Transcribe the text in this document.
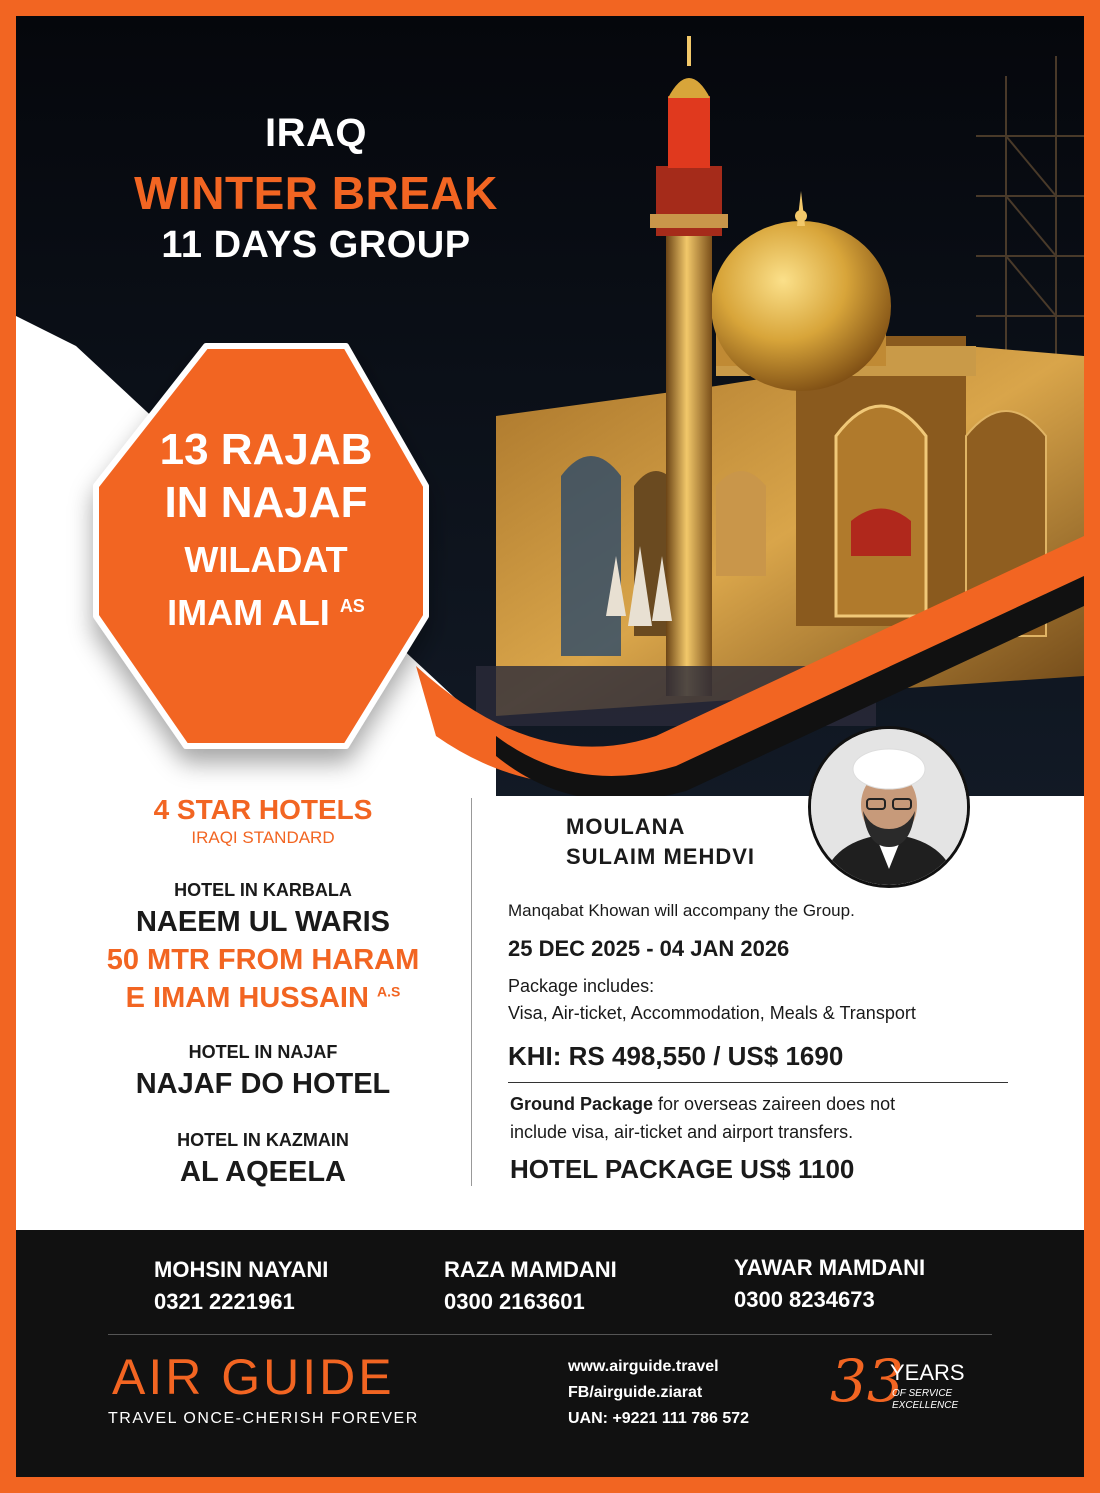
IRAQ
WINTER BREAK
11 DAYS GROUP
13 RAJAB
IN NAJAF
WILADAT
IMAM ALI $^{AS}$
4 STAR HOTELS
IRAQI STANDARD
HOTEL IN KARBALA
NAEEM UL WARIS
50 MTR FROM HARAM
E IMAM HUSSAIN $^{A.S}$
HOTEL IN NAJAF
NAJAF DO HOTEL
HOTEL IN KAZMAIN
AL AQEELA
MOULANA
SULAIM MEHDVI
Manqabat Khowan will accompany the Group.
25 DEC 2025 - 04 JAN 2026
Package includes:
Visa, Air-ticket, Accommodation, Meals & Transport
KHI: RS 498,550 / US$ 1690
Ground Package for overseas zaireen does not
include visa, air-ticket and airport transfers.
HOTEL PACKAGE US$ 1100
MOHSIN NAYANI
0321 2221961
RAZA MAMDANI
0300 2163601
YAWAR MAMDANI
0300 8234673
AIR GUIDE
TRAVEL ONCE-CHERISH FOREVER
www.airguide.travel
FB/airguide.ziarat
UAN: +9221 111 786 572
33
YEARS
OF SERVICE
EXCELLENCE
